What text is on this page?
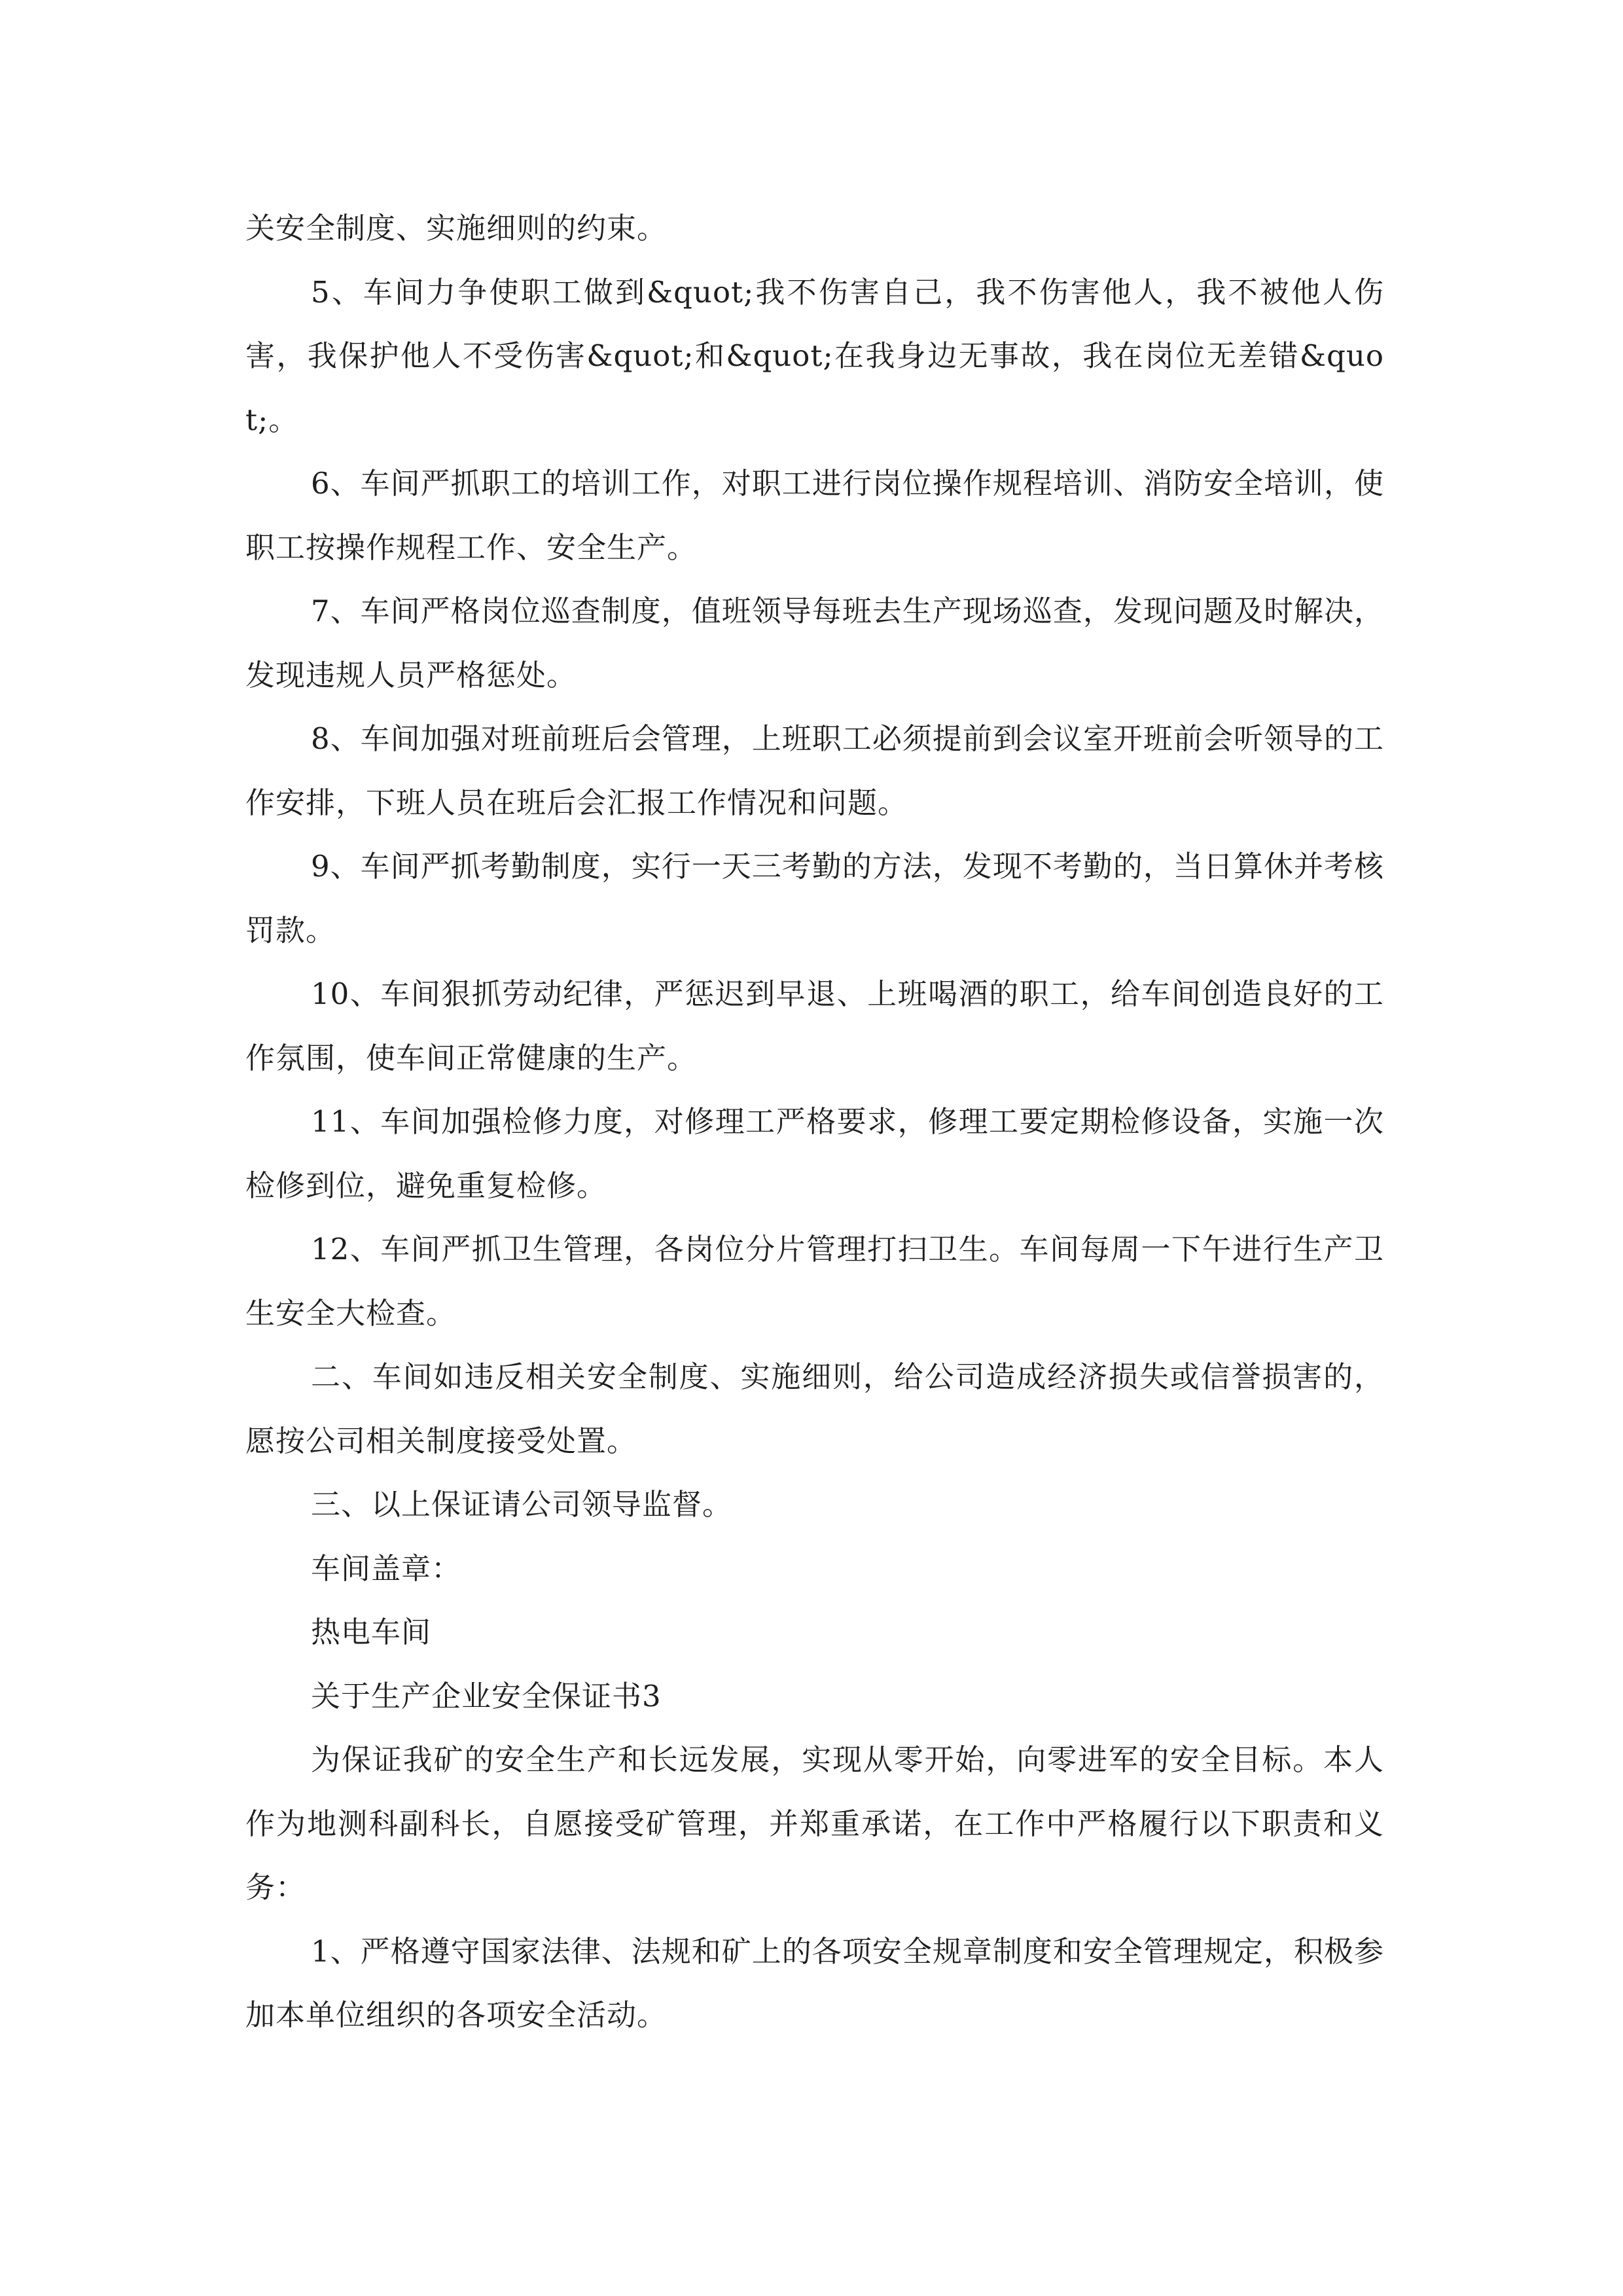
关安全制度、实施细则的约束。

5、车间力争使职工做到&quot;我不伤害自己，我不伤害他人，我不被他人伤害，我保护他人不受伤害&quot;和&quot;在我身边无事故，我在岗位无差错&quot;。

6、车间严抓职工的培训工作，对职工进行岗位操作规程培训、消防安全培训，使职工按操作规程工作、安全生产。

7、车间严格岗位巡查制度，值班领导每班去生产现场巡查，发现问题及时解决，发现违规人员严格惩处。

8、车间加强对班前班后会管理，上班职工必须提前到会议室开班前会听领导的工作安排，下班人员在班后会汇报工作情况和问题。

9、车间严抓考勤制度，实行一天三考勤的方法，发现不考勤的，当日算休并考核罚款。

10、车间狠抓劳动纪律，严惩迟到早退、上班喝酒的职工，给车间创造良好的工作氛围，使车间正常健康的生产。

11、车间加强检修力度，对修理工严格要求，修理工要定期检修设备，实施一次检修到位，避免重复检修。

12、车间严抓卫生管理，各岗位分片管理打扫卫生。车间每周一下午进行生产卫生安全大检查。

二、车间如违反相关安全制度、实施细则，给公司造成经济损失或信誉损害的，愿按公司相关制度接受处置。

三、以上保证请公司领导监督。

车间盖章：

热电车间

关于生产企业安全保证书3

为保证我矿的安全生产和长远发展，实现从零开始，向零进军的安全目标。本人作为地测科副科长，自愿接受矿管理，并郑重承诺，在工作中严格履行以下职责和义务：

1、严格遵守国家法律、法规和矿上的各项安全规章制度和安全管理规定，积极参加本单位组织的各项安全活动。
